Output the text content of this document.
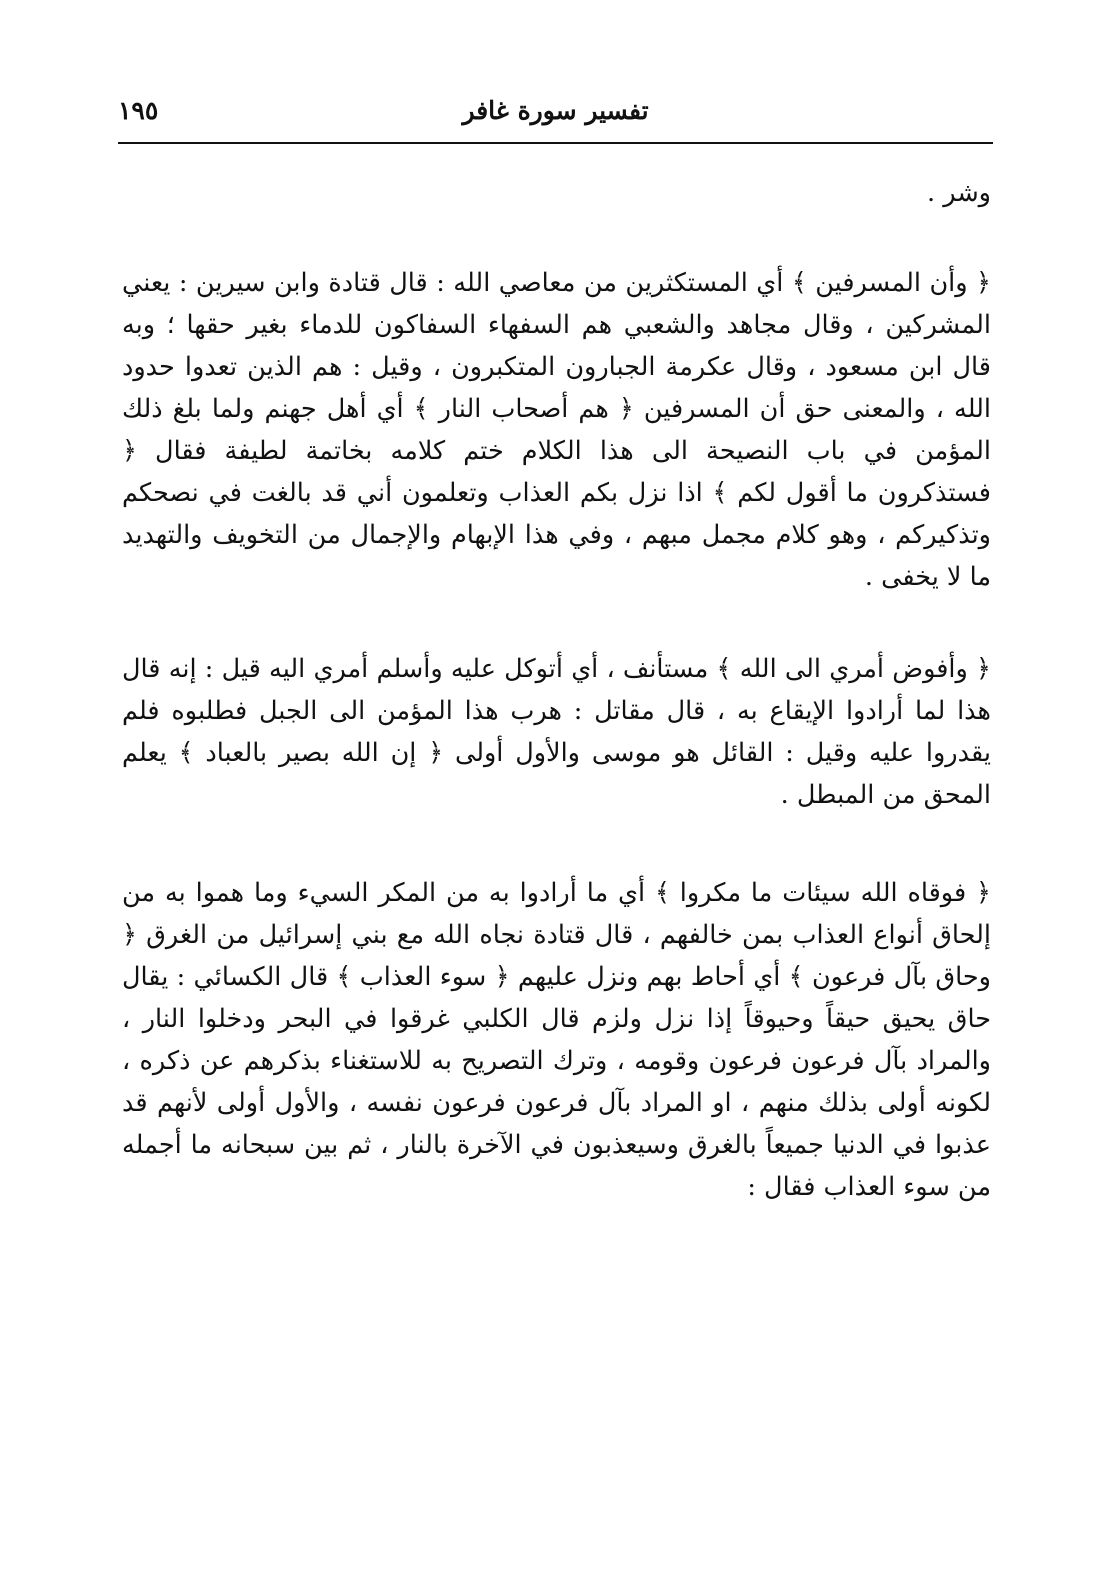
تفسير سورة غافر
١٩٥

وشر .

﴿ وأن المسرفين ﴾ أي المستكثرين من معاصي الله : قال قتادة وابن سيرين : يعني المشركين ، وقال مجاهد والشعبي هم السفهاء السفاكون للدماء بغير حقها ؛ وبه قال ابن مسعود ، وقال عكرمة الجبارون المتكبرون ، وقيل : هم الذين تعدوا حدود الله ، والمعنى حق أن المسرفين ﴿ هم أصحاب النار ﴾ أي أهل جهنم ولما بلغ ذلك المؤمن في باب النصيحة الى هذا الكلام ختم كلامه بخاتمة لطيفة فقال ﴿ فستذكرون ما أقول لكم ﴾ اذا نزل بكم العذاب وتعلمون أني قد بالغت في نصحكم وتذكيركم ، وهو كلام مجمل مبهم ، وفي هذا الإبهام والإجمال من التخويف والتهديد ما لا يخفى .

﴿ وأفوض أمري الى الله ﴾ مستأنف ، أي أتوكل عليه وأسلم أمري اليه قيل : إنه قال هذا لما أرادوا الإيقاع به ، قال مقاتل : هرب هذا المؤمن الى الجبل فطلبوه فلم يقدروا عليه وقيل : القائل هو موسى والأول أولى ﴿ إن الله بصير بالعباد ﴾ يعلم المحق من المبطل .

﴿ فوقاه الله سيئات ما مكروا ﴾ أي ما أرادوا به من المكر السيء وما هموا به من إلحاق أنواع العذاب بمن خالفهم ، قال قتادة نجاه الله مع بني إسرائيل من الغرق ﴿ وحاق بآل فرعون ﴾ أي أحاط بهم ونزل عليهم ﴿ سوء العذاب ﴾ قال الكسائي : يقال حاق يحيق حيقاً وحيوقاً إذا نزل ولزم قال الكلبي غرقوا في البحر ودخلوا النار ، والمراد بآل فرعون فرعون وقومه ، وترك التصريح به للاستغناء بذكرهم عن ذكره ، لكونه أولى بذلك منهم ، او المراد بآل فرعون فرعون نفسه ، والأول أولى لأنهم قد عذبوا في الدنيا جميعاً بالغرق وسيعذبون في الآخرة بالنار ، ثم بين سبحانه ما أجمله من سوء العذاب فقال :
